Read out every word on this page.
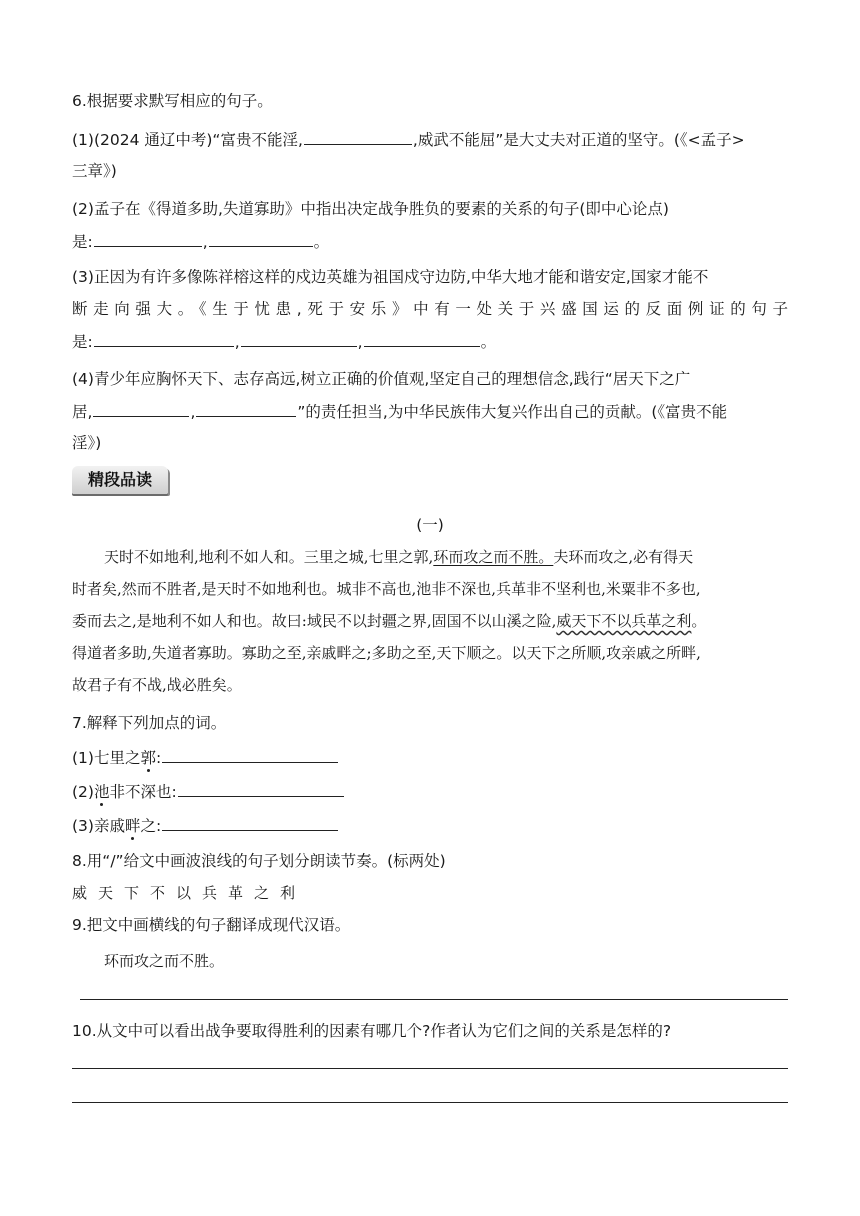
6.根据要求默写相应的句子。
(1)(2024 通辽中考)“富贵不能淫,	,威武不能屈”是大丈夫对正道的坚守。(《<孟子>
三章》)
(2)孟子在《得道多助,失道寡助》中指出决定战争胜负的要素的关系的句子(即中心论点)
是:	,	。
(3)正因为有许多像陈祥榕这样的戍边英雄为祖国戍守边防,中华大地才能和谐安定,国家才能不
断走向强大。《生于忧患,死于安乐》中有一处关于兴盛国运的反面例证的句子
是:	,	,	。
(4)青少年应胸怀天下、志存高远,树立正确的价值观,坚定自己的理想信念,践行“居天下之广
居,	,	”的责任担当,为中华民族伟大复兴作出自己的贡献。(《富贵不能
淫》)
精段品读
(一)
天时不如地利,地利不如人和。三里之城,七里之郭,环而攻之而不胜。夫环而攻之,必有得天
时者矣,然而不胜者,是天时不如地利也。城非不高也,池非不深也,兵革非不坚利也,米粟非不多也,
委而去之,是地利不如人和也。故曰:域民不以封疆之界,固国不以山溪之险,威天下不以兵革之利。
得道者多助,失道者寡助。寡助之至,亲戚畔之;多助之至,天下顺之。以天下之所顺,攻亲戚之所畔,
故君子有不战,战必胜矣。
7.解释下列加点的词。
(1)七里之郭:
(2)池非不深也:
(3)亲戚畔之:
8.用“/”给文中画波浪线的句子划分朗读节奏。(标两处)
威天下不以兵革之利
9.把文中画横线的句子翻译成现代汉语。
环而攻之而不胜。
10.从文中可以看出战争要取得胜利的因素有哪几个?作者认为它们之间的关系是怎样的?
